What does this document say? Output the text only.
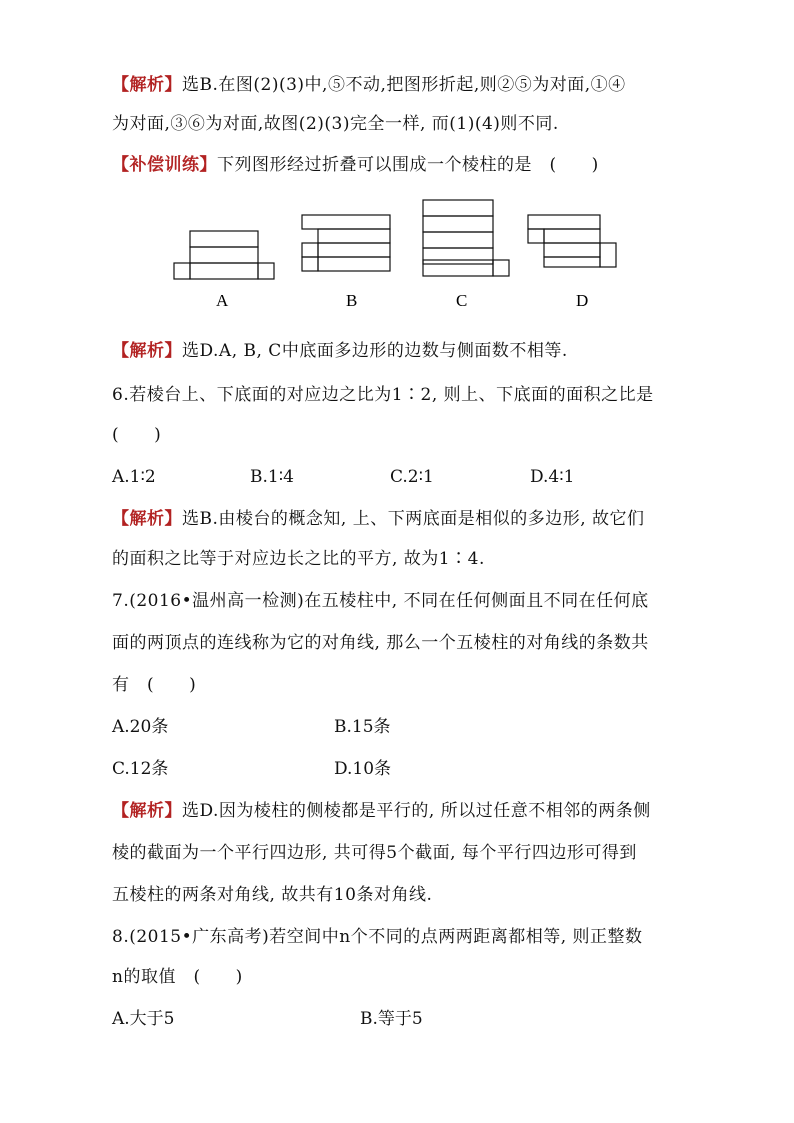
【解析】选B.在图(2)(3)中,⑤不动,把图形折起,则②⑤为对面,①④
为对面,③⑥为对面,故图(2)(3)完全一样, 而(1)(4)则不同.
【补偿训练】下列图形经过折叠可以围成一个棱柱的是　(　　)
A	B	C	D
【解析】选D.A, B, C中底面多边形的边数与侧面数不相等.
6.若棱台上、下底面的对应边之比为1∶2, 则上、下底面的面积之比是
(　　)
A.1∶2	B.1∶4	C.2∶1	D.4∶1
【解析】选B.由棱台的概念知, 上、下两底面是相似的多边形, 故它们
的面积之比等于对应边长之比的平方, 故为1∶4.
7.(2016•温州高一检测)在五棱柱中, 不同在任何侧面且不同在任何底
面的两顶点的连线称为它的对角线, 那么一个五棱柱的对角线的条数共
有　(　　)
A.20条	B.15条
C.12条	D.10条
【解析】选D.因为棱柱的侧棱都是平行的, 所以过任意不相邻的两条侧
棱的截面为一个平行四边形, 共可得5个截面, 每个平行四边形可得到
五棱柱的两条对角线, 故共有10条对角线.
8.(2015•广东高考)若空间中n个不同的点两两距离都相等, 则正整数
n的取值　(　　)
A.大于5	B.等于5
